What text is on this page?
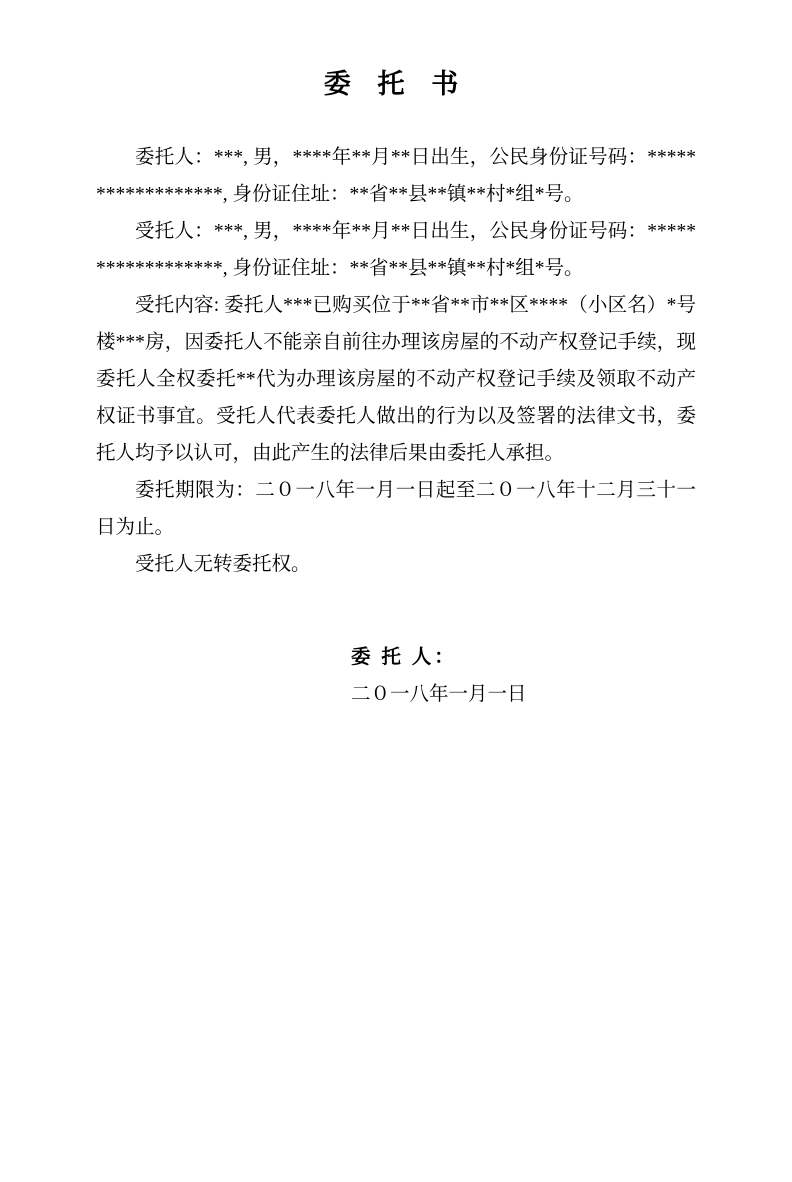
委 托 书

委托人：***, 男，****年**月**日出生，公民身份证号码：******************, 身份证住址：**省**县**镇**村*组*号。

受托人：***, 男，****年**月**日出生，公民身份证号码：******************, 身份证住址：**省**县**镇**村*组*号。

受托内容: 委托人***已购买位于**省**市**区****（小区名）*号楼***房，因委托人不能亲自前往办理该房屋的不动产权登记手续，现委托人全权委托**代为办理该房屋的不动产权登记手续及领取不动产权证书事宜。受托人代表委托人做出的行为以及签署的法律文书，委托人均予以认可，由此产生的法律后果由委托人承担。

委托期限为：二０一八年一月一日起至二０一八年十二月三十一日为止。

受托人无转委托权。

委 托 人：

二０一八年一月一日
